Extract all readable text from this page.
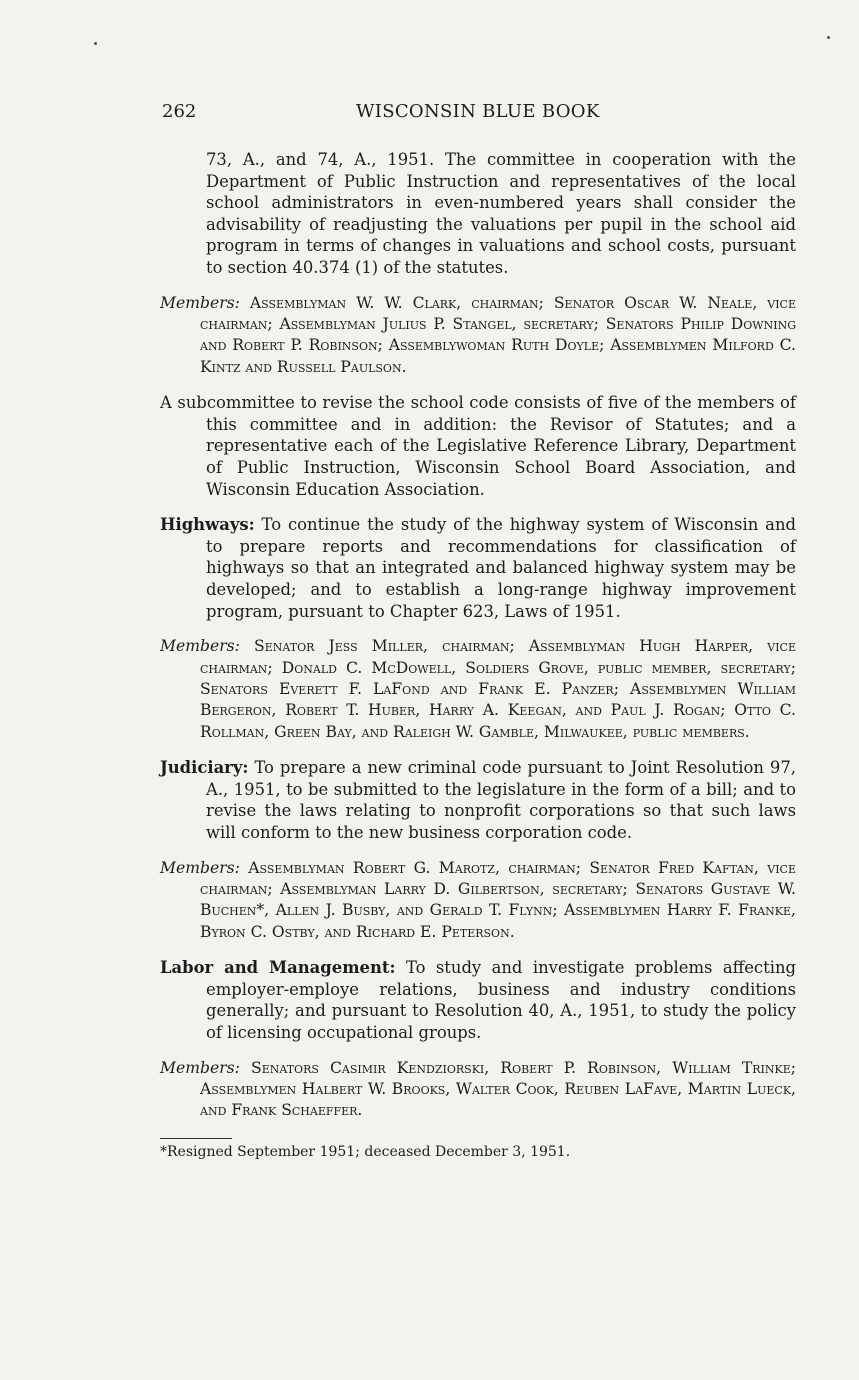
262	WISCONSIN BLUE BOOK

73, A., and 74, A., 1951. The committee in cooperation with the Department of Public Instruction and representatives of the local school administrators in even-numbered years shall consider the advisability of readjusting the valuations per pupil in the school aid program in terms of changes in valuations and school costs, pursuant to section 40.374 (1) of the statutes.

Members: Assemblyman W. W. Clark, chairman; Senator Oscar W. Neale, vice chairman; Assemblyman Julius P. Stangel, secretary; Senators Philip Downing and Robert P. Robinson; Assemblywoman Ruth Doyle; Assemblymen Milford C. Kintz and Russell Paulson.

A subcommittee to revise the school code consists of five of the members of this committee and in addition: the Revisor of Statutes; and a representative each of the Legislative Reference Library, Department of Public Instruction, Wisconsin School Board Association, and Wisconsin Education Association.

Highways: To continue the study of the highway system of Wisconsin and to prepare reports and recommendations for classification of highways so that an integrated and balanced highway system may be developed; and to establish a long-range highway improvement program, pursuant to Chapter 623, Laws of 1951.

Members: Senator Jess Miller, chairman; Assemblyman Hugh Harper, vice chairman; Donald C. McDowell, Soldiers Grove, public member, secretary; Senators Everett F. LaFond and Frank E. Panzer; Assemblymen William Bergeron, Robert T. Huber, Harry A. Keegan, and Paul J. Rogan; Otto C. Rollman, Green Bay, and Raleigh W. Gamble, Milwaukee, public members.

Judiciary: To prepare a new criminal code pursuant to Joint Resolution 97, A., 1951, to be submitted to the legislature in the form of a bill; and to revise the laws relating to nonprofit corporations so that such laws will conform to the new business corporation code.

Members: Assemblyman Robert G. Marotz, chairman; Senator Fred Kaftan, vice chairman; Assemblyman Larry D. Gilbertson, secretary; Senators Gustave W. Buchen*, Allen J. Busby, and Gerald T. Flynn; Assemblymen Harry F. Franke, Byron C. Ostby, and Richard E. Peterson.

Labor and Management: To study and investigate problems affecting employer-employe relations, business and industry conditions generally; and pursuant to Resolution 40, A., 1951, to study the policy of licensing occupational groups.

Members: Senators Casimir Kendziorski, Robert P. Robinson, William Trinke; Assemblymen Halbert W. Brooks, Walter Cook, Reuben LaFave, Martin Lueck, and Frank Schaeffer.

*Resigned September 1951; deceased December 3, 1951.
